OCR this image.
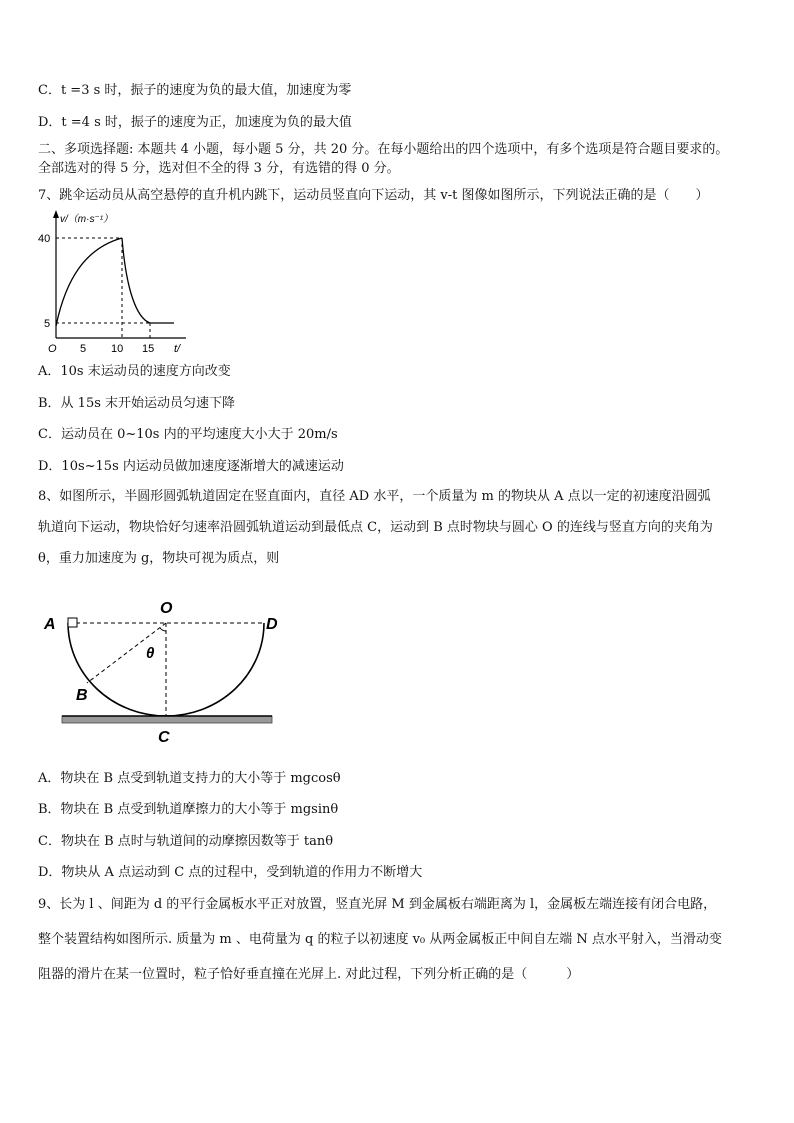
C．t =3 s 时，振子的速度为负的最大值，加速度为零
D．t =4 s 时，振子的速度为正，加速度为负的最大值
二、多项选择题: 本题共 4 小题，每小题 5 分，共 20 分。在每小题给出的四个选项中，有多个选项是符合题目要求的。
全部选对的得 5 分，选对但不全的得 3 分，有选错的得 0 分。
7、跳伞运动员从高空悬停的直升机内跳下，运动员竖直向下运动，其 v-t 图像如图所示，下列说法正确的是（　　）
v/（m·s⁻¹）
40
5
O 5 10 15 t/
A．10s 末运动员的速度方向改变
B．从 15s 末开始运动员匀速下降
C．运动员在 0~10s 内的平均速度大小大于 20m/s
D．10s~15s 内运动员做加速度逐渐增大的减速运动
8、如图所示，半圆形圆弧轨道固定在竖直面内，直径 AD 水平，一个质量为 m 的物块从 A 点以一定的初速度沿圆弧
轨道向下运动，物块恰好匀速率沿圆弧轨道运动到最低点 C，运动到 B 点时物块与圆心 O 的连线与竖直方向的夹角为
θ，重力加速度为 g，物块可视为质点，则
A
O
D
θ
B
C
A．物块在 B 点受到轨道支持力的大小等于 mgcosθ
B．物块在 B 点受到轨道摩擦力的大小等于 mgsinθ
C．物块在 B 点时与轨道间的动摩擦因数等于 tanθ
D．物块从 A 点运动到 C 点的过程中，受到轨道的作用力不断增大
9、长为 l 、间距为 d 的平行金属板水平正对放置，竖直光屏 M 到金属板右端距离为 l，金属板左端连接有闭合电路，
整个装置结构如图所示. 质量为 m 、电荷量为 q 的粒子以初速度 v₀ 从两金属板正中间自左端 N 点水平射入，当滑动变
阻器的滑片在某一位置时，粒子恰好垂直撞在光屏上. 对此过程，下列分析正确的是（　　　）
